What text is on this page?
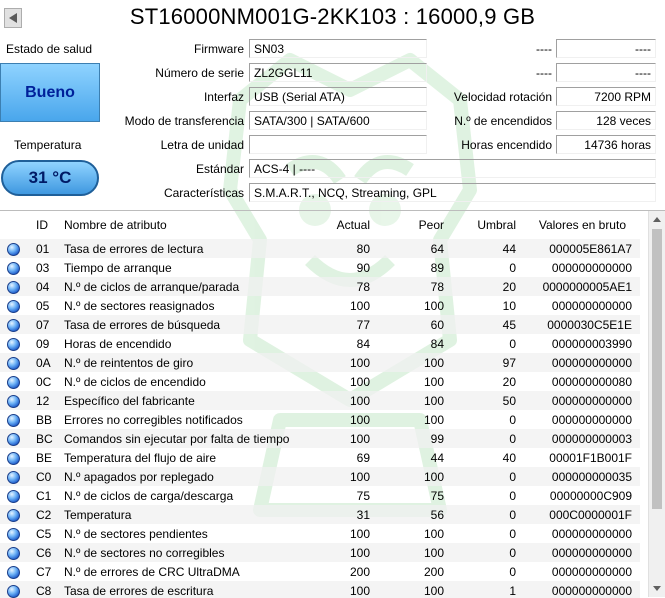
ST16000NM001G-2KK103 : 16000,9 GB
Estado de salud
Bueno
Temperatura
31 °C
Firmware SN03
Número de serie ZL2GGL11
Interfaz USB (Serial ATA)
Modo de transferencia SATA/300 | SATA/600
Letra de unidad
Estándar ACS-4 | ----
Características S.M.A.R.T., NCQ, Streaming, GPL
----	----
----	----
Velocidad rotación	7200 RPM
N.º de encendidos	128 veces
Horas encendido	14736 horas
	ID	Nombre de atributo	Actual	Peor	Umbral	Valores en bruto
	01	Tasa de errores de lectura	80	64	44	000005E861A7
	03	Tiempo de arranque	90	89	0	000000000000
	04	N.º de ciclos de arranque/parada	78	78	20	0000000005AE1
	05	N.º de sectores reasignados	100	100	10	000000000000
	07	Tasa de errores de búsqueda	77	60	45	0000030C5E1E
	09	Horas de encendido	84	84	0	000000003990
	0A	N.º de reintentos de giro	100	100	97	000000000000
	0C	N.º de ciclos de encendido	100	100	20	000000000080
	12	Específico del fabricante	100	100	50	000000000000
	BB	Errores no corregibles notificados	100	100	0	000000000000
	BC	Comandos sin ejecutar por falta de tiempo	100	99	0	000000000003
	BE	Temperatura del flujo de aire	69	44	40	00001F1B001F
	C0	N.º apagados por replegado	100	100	0	000000000035
	C1	N.º de ciclos de carga/descarga	75	75	0	00000000C909
	C2	Temperatura	31	56	0	000C0000001F
	C5	N.º de sectores pendientes	100	100	0	000000000000
	C6	N.º de sectores no corregibles	100	100	0	000000000000
	C7	N.º de errores de CRC UltraDMA	200	200	0	000000000000
	C8	Tasa de errores de escritura	100	100	1	000000000000
